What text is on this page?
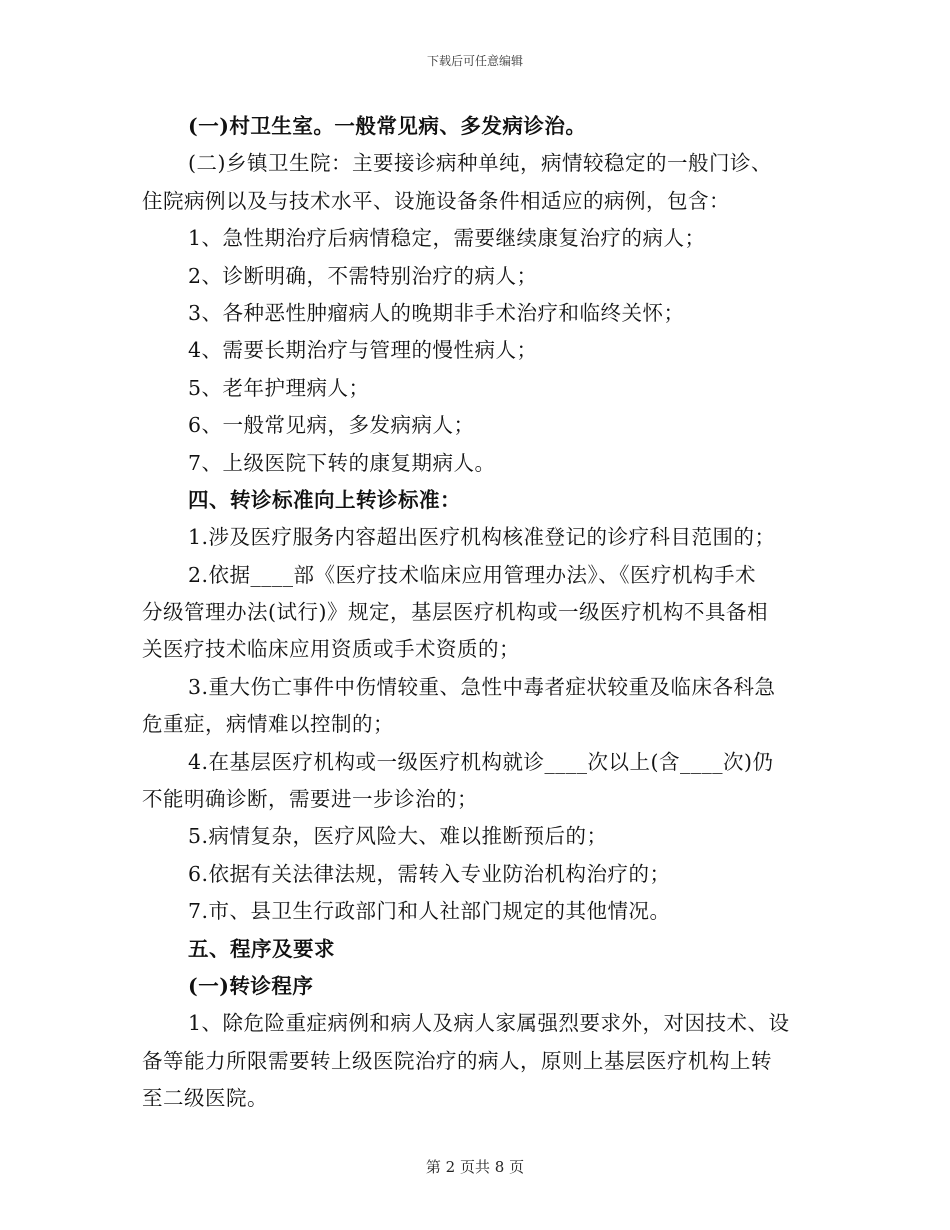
下载后可任意编辑
(一)村卫生室。一般常见病、多发病诊治。
(二)乡镇卫生院：主要接诊病种单纯，病情较稳定的一般门诊、
住院病例以及与技术水平、设施设备条件相适应的病例，包含：
1、急性期治疗后病情稳定，需要继续康复治疗的病人；
2、诊断明确，不需特别治疗的病人；
3、各种恶性肿瘤病人的晚期非手术治疗和临终关怀；
4、需要长期治疗与管理的慢性病人；
5、老年护理病人；
6、一般常见病，多发病病人；
7、上级医院下转的康复期病人。
四、转诊标准向上转诊标准：
1.涉及医疗服务内容超出医疗机构核准登记的诊疗科目范围的；
2.依据____部《医疗技术临床应用管理办法》、《医疗机构手术
分级管理办法(试行)》规定，基层医疗机构或一级医疗机构不具备相
关医疗技术临床应用资质或手术资质的；
3.重大伤亡事件中伤情较重、急性中毒者症状较重及临床各科急
危重症，病情难以控制的；
4.在基层医疗机构或一级医疗机构就诊____次以上(含____次)仍
不能明确诊断，需要进一步诊治的；
5.病情复杂，医疗风险大、难以推断预后的；
6.依据有关法律法规，需转入专业防治机构治疗的；
7.市、县卫生行政部门和人社部门规定的其他情况。
五、程序及要求
(一)转诊程序
1、除危险重症病例和病人及病人家属强烈要求外，对因技术、设
备等能力所限需要转上级医院治疗的病人，原则上基层医疗机构上转
至二级医院。
第 2 页共 8 页
